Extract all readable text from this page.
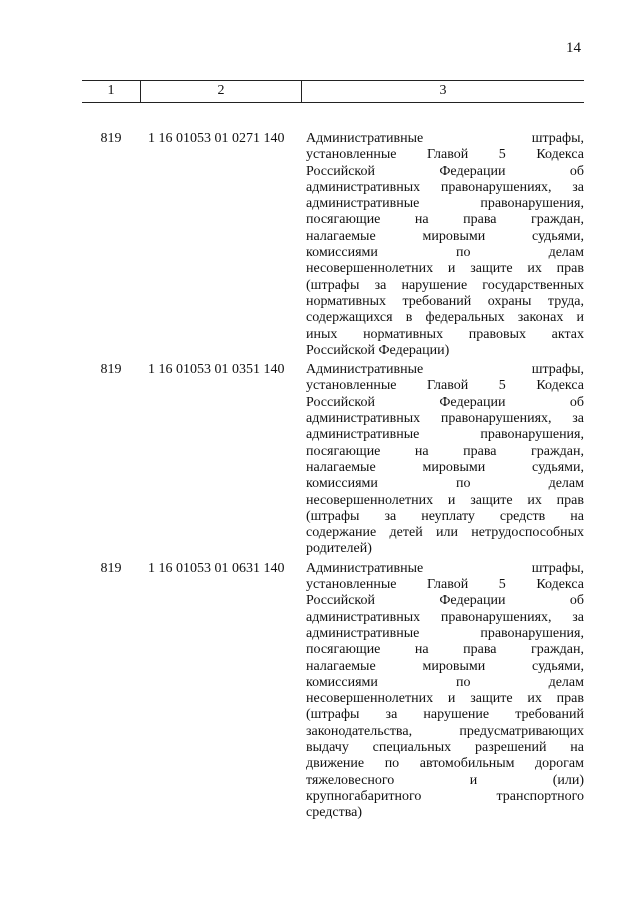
14
1	2	3
819	1 16 01053 01 0271 140	Административные штрафы,
установленные Главой 5 Кодекса
Российской Федерации об
административных правонарушениях, за
административные правонарушения,
посягающие на права граждан,
налагаемые мировыми судьями,
комиссиями по делам
несовершеннолетних и защите их прав
(штрафы за нарушение государственных
нормативных требований охраны труда,
содержащихся в федеральных законах и
иных нормативных правовых актах
Российской Федерации)
819	1 16 01053 01 0351 140	Административные штрафы,
установленные Главой 5 Кодекса
Российской Федерации об
административных правонарушениях, за
административные правонарушения,
посягающие на права граждан,
налагаемые мировыми судьями,
комиссиями по делам
несовершеннолетних и защите их прав
(штрафы за неуплату средств на
содержание детей или нетрудоспособных
родителей)
819	1 16 01053 01 0631 140	Административные штрафы,
установленные Главой 5 Кодекса
Российской Федерации об
административных правонарушениях, за
административные правонарушения,
посягающие на права граждан,
налагаемые мировыми судьями,
комиссиями по делам
несовершеннолетних и защите их прав
(штрафы за нарушение требований
законодательства, предусматривающих
выдачу специальных разрешений на
движение по автомобильным дорогам
тяжеловесного и (или)
крупногабаритного транспортного
средства)
